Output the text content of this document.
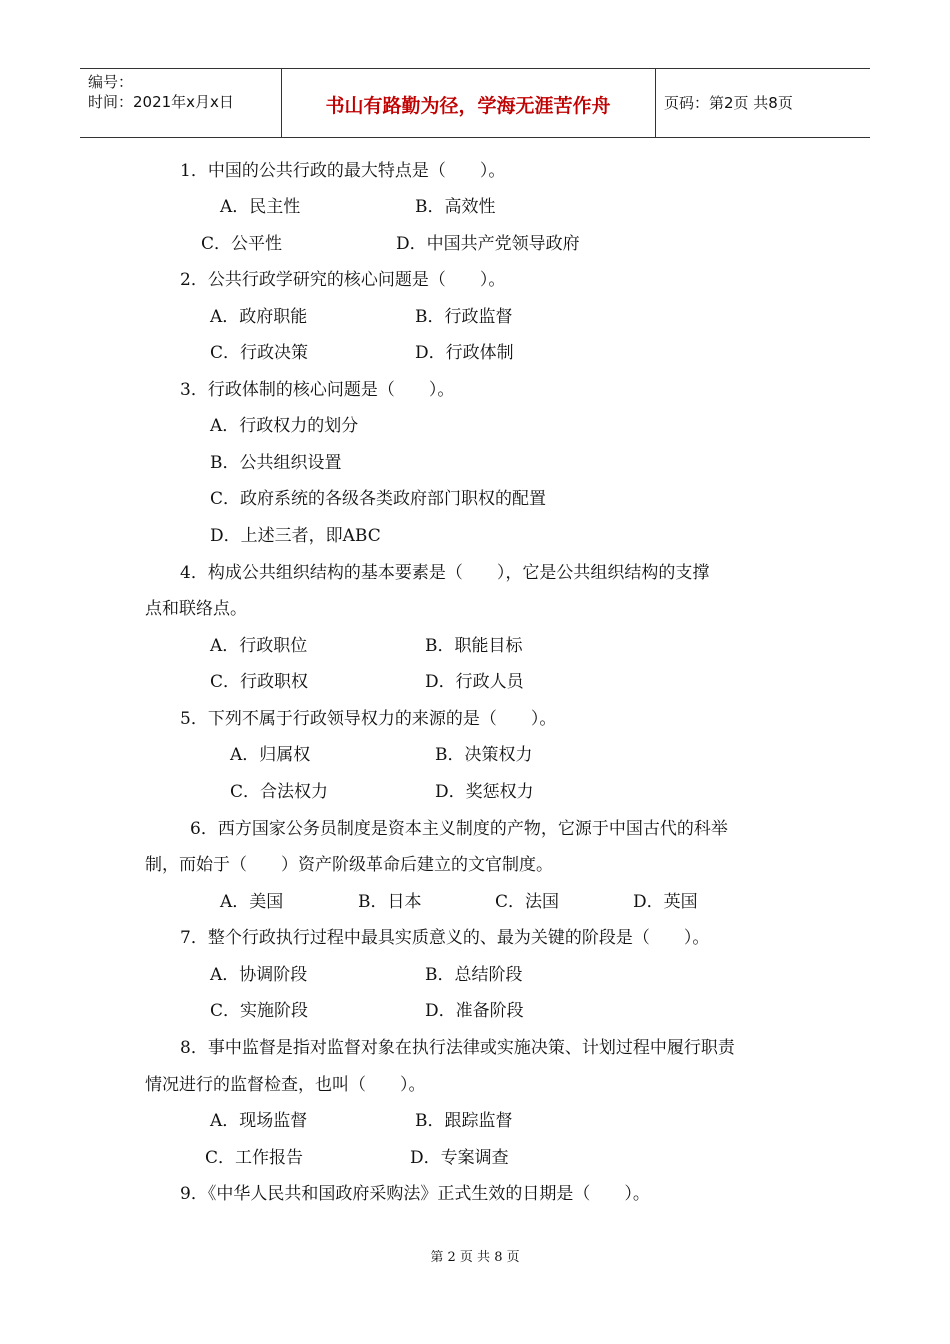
编号：
时间：2021年x月x日	书山有路勤为径，学海无涯苦作舟	页码：第2页 共8页
1．中国的公共行政的最大特点是（　　）。
A．民主性	B．高效性
C．公平性	D．中国共产党领导政府
2．公共行政学研究的核心问题是（　　）。
A．政府职能	B．行政监督
C．行政决策	D．行政体制
3．行政体制的核心问题是（　　）。
A．行政权力的划分
B．公共组织设置
C．政府系统的各级各类政府部门职权的配置
D．上述三者，即ABC
4．构成公共组织结构的基本要素是（　　），它是公共组织结构的支撑
点和联络点。
A．行政职位	B．职能目标
C．行政职权	D．行政人员
5．下列不属于行政领导权力的来源的是（　　）。
A．归属权	B．决策权力
C．合法权力	D．奖惩权力
6．西方国家公务员制度是资本主义制度的产物，它源于中国古代的科举
制，而始于（　　）资产阶级革命后建立的文官制度。
A．美国	B．日本	C．法国	D．英国
7．整个行政执行过程中最具实质意义的、最为关键的阶段是（　　）。
A．协调阶段	B．总结阶段
C．实施阶段	D．准备阶段
8．事中监督是指对监督对象在执行法律或实施决策、计划过程中履行职责
情况进行的监督检查，也叫（　　）。
A．现场监督	B．跟踪监督
C．工作报告	D．专案调查
9．《中华人民共和国政府采购法》正式生效的日期是（　　）。
第 2 页 共 8 页
